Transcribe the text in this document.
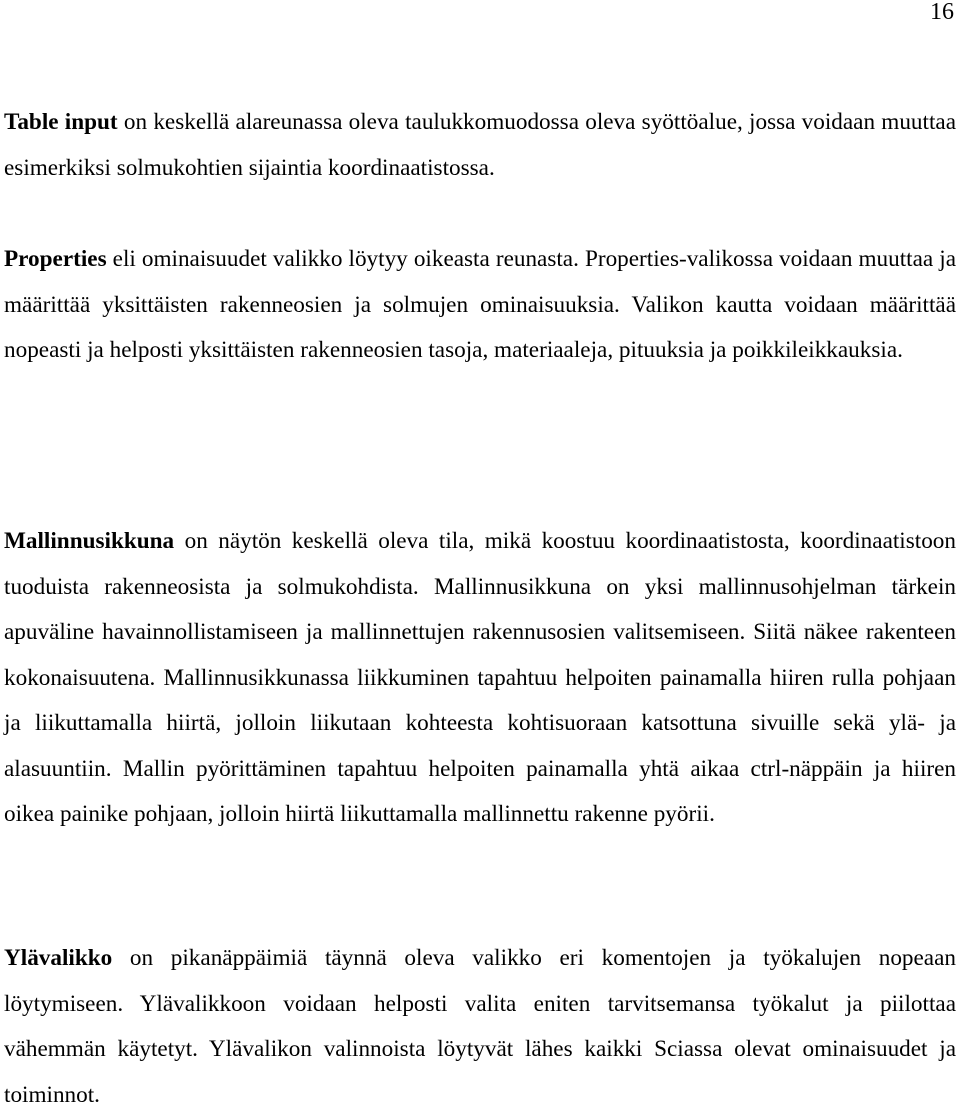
16

Table input on keskellä alareunassa oleva taulukkomuodossa oleva syöttöalue, jossa voidaan muuttaa esimerkiksi solmukohtien sijaintia koordinaatistossa.

Properties eli ominaisuudet valikko löytyy oikeasta reunasta. Properties-valikossa voidaan muuttaa ja määrittää yksittäisten rakenneosien ja solmujen ominaisuuksia. Valikon kautta voidaan määrittää nopeasti ja helposti yksittäisten rakenneosien tasoja, materiaaleja, pituuksia ja poikkileikkauksia.

Mallinnusikkuna on näytön keskellä oleva tila, mikä koostuu koordinaatistosta, koordinaatistoon tuoduista rakenneosista ja solmukohdista. Mallinnusikkuna on yksi mallinnusohjelman tärkein apuväline havainnollistamiseen ja mallinnettujen rakennusosien valitsemiseen. Siitä näkee rakenteen kokonaisuutena. Mallinnusikkunassa liikkuminen tapahtuu helpoiten painamalla hiiren rulla pohjaan ja liikuttamalla hiirtä, jolloin liikutaan kohteesta kohtisuoraan katsottuna sivuille sekä ylä- ja alasuuntiin. Mallin pyörittäminen tapahtuu helpoiten painamalla yhtä aikaa ctrl-näppäin ja hiiren oikea painike pohjaan, jolloin hiirtä liikuttamalla mallinnettu rakenne pyörii.

Ylävalikko on pikanäppäimiä täynnä oleva valikko eri komentojen ja työkalujen nopeaan löytymiseen. Ylävalikkoon voidaan helposti valita eniten tarvitsemansa työkalut ja piilottaa vähemmän käytetyt. Ylävalikon valinnoista löytyvät lähes kaikki Sciassa olevat ominaisuudet ja toiminnot.
